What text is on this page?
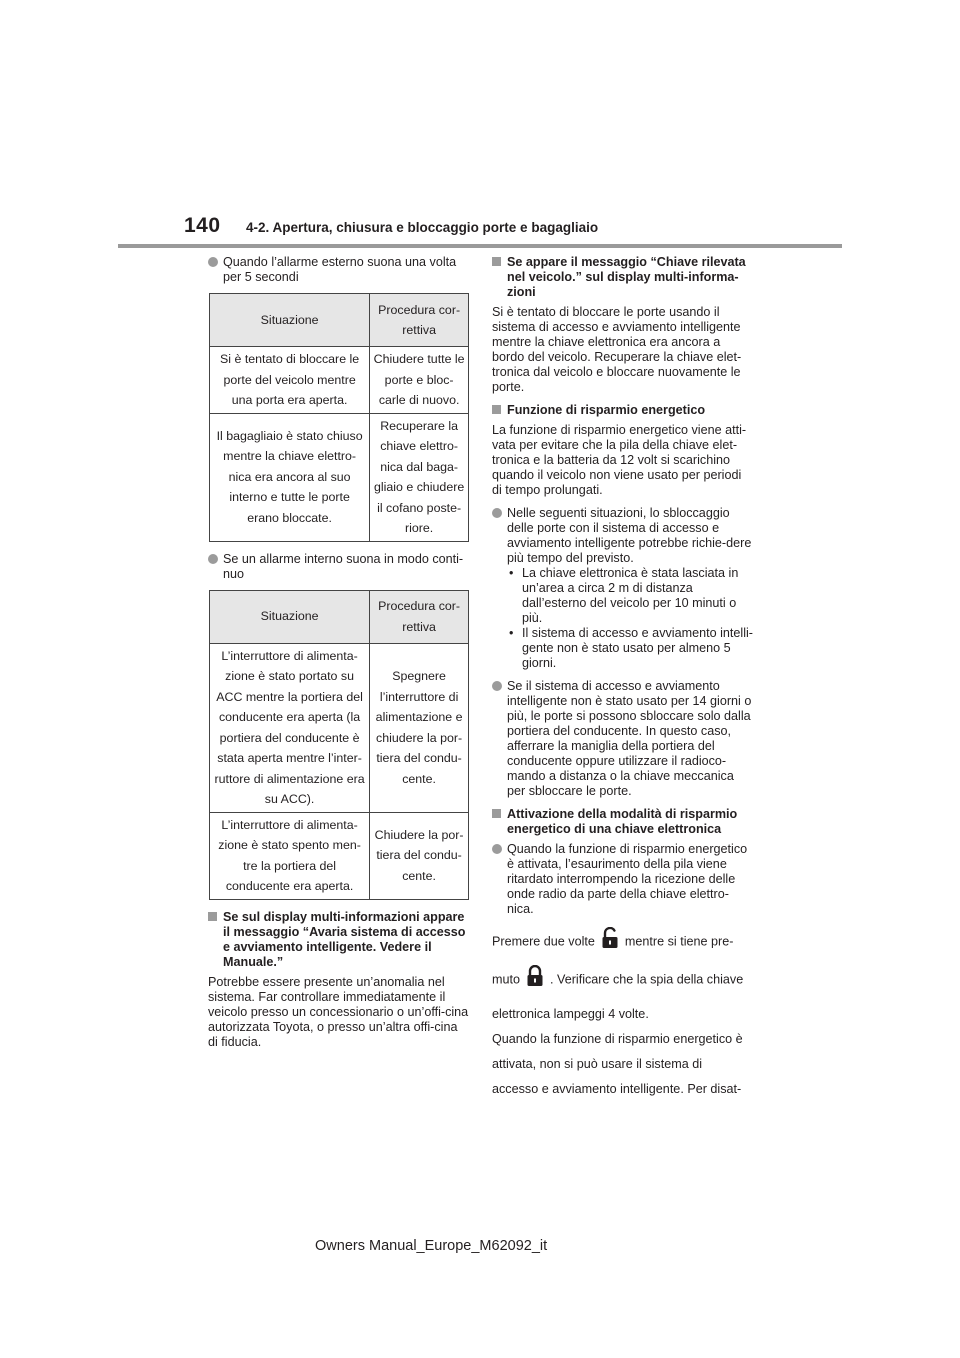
140 4-2. Apertura, chiusura e bloccaggio porte e bagagliaio
Quando l’allarme esterno suona una volta per 5 secondi
Situazione	Procedura cor-rettiva
Si è tentato di bloccare le porte del veicolo mentre una porta era aperta.	Chiudere tutte le porte e bloc-carle di nuovo.
Il bagagliaio è stato chiuso mentre la chiave elettro-nica era ancora al suo interno e tutte le porte erano bloccate.	Recuperare la chiave elettro-nica dal baga-gliaio e chiudere il cofano poste-riore.
Se un allarme interno suona in modo conti-nuo
Situazione	Procedura cor-rettiva
L’interruttore di alimenta-zione è stato portato su ACC mentre la portiera del conducente era aperta (la portiera del conducente è stata aperta mentre l’inter-ruttore di alimentazione era su ACC).	Spegnere l’interruttore di alimentazione e chiudere la por-tiera del condu-cente.
L’interruttore di alimenta-zione è stato spento men-tre la portiera del conducente era aperta.	Chiudere la por-tiera del condu-cente.
Se sul display multi-informazioni appare il messaggio “Avaria sistema di accesso e avviamento intelligente. Vedere il Manuale.”

Potrebbe essere presente un’anomalia nel sistema. Far controllare immediatamente il veicolo presso un concessionario o un’offi-cina autorizzata Toyota, o presso un’altra offi-cina di fiducia.

Se appare il messaggio “Chiave rilevata nel veicolo.” sul display multi-informa-zioni

Si è tentato di bloccare le porte usando il sistema di accesso e avviamento intelligente mentre la chiave elettronica era ancora a bordo del veicolo. Recuperare la chiave elet-tronica dal veicolo e bloccare nuovamente le porte.

Funzione di risparmio energetico

La funzione di risparmio energetico viene atti-vata per evitare che la pila della chiave elet-tronica e la batteria da 12 volt si scarichino quando il veicolo non viene usato per periodi di tempo prolungati.

Nelle seguenti situazioni, lo sbloccaggio delle porte con il sistema di accesso e avviamento intelligente potrebbe richie-dere più tempo del previsto.
• La chiave elettronica è stata lasciata in un’area a circa 2 m di distanza dall’esterno del veicolo per 10 minuti o più.
• Il sistema di accesso e avviamento intelli-gente non è stato usato per almeno 5 giorni.
Se il sistema di accesso e avviamento intelligente non è stato usato per 14 giorni o più, le porte si possono sbloccare solo dalla portiera del conducente. In questo caso, afferrare la maniglia della portiera del conducente oppure utilizzare il radioco-mando a distanza o la chiave meccanica per sbloccare le porte.
Attivazione della modalità di risparmio energetico di una chiave elettronica
Quando la funzione di risparmio energetico è attivata, l’esaurimento della pila viene ritardato interrompendo la ricezione delle onde radio da parte della chiave elettro-nica.

Premere due volte mentre si tiene pre-

muto . Verificare che la spia della chiave

elettronica lampeggi 4 volte.

Quando la funzione di risparmio energetico è

attivata, non si può usare il sistema di

accesso e avviamento intelligente. Per disat-

Owners Manual_Europe_M62092_it
